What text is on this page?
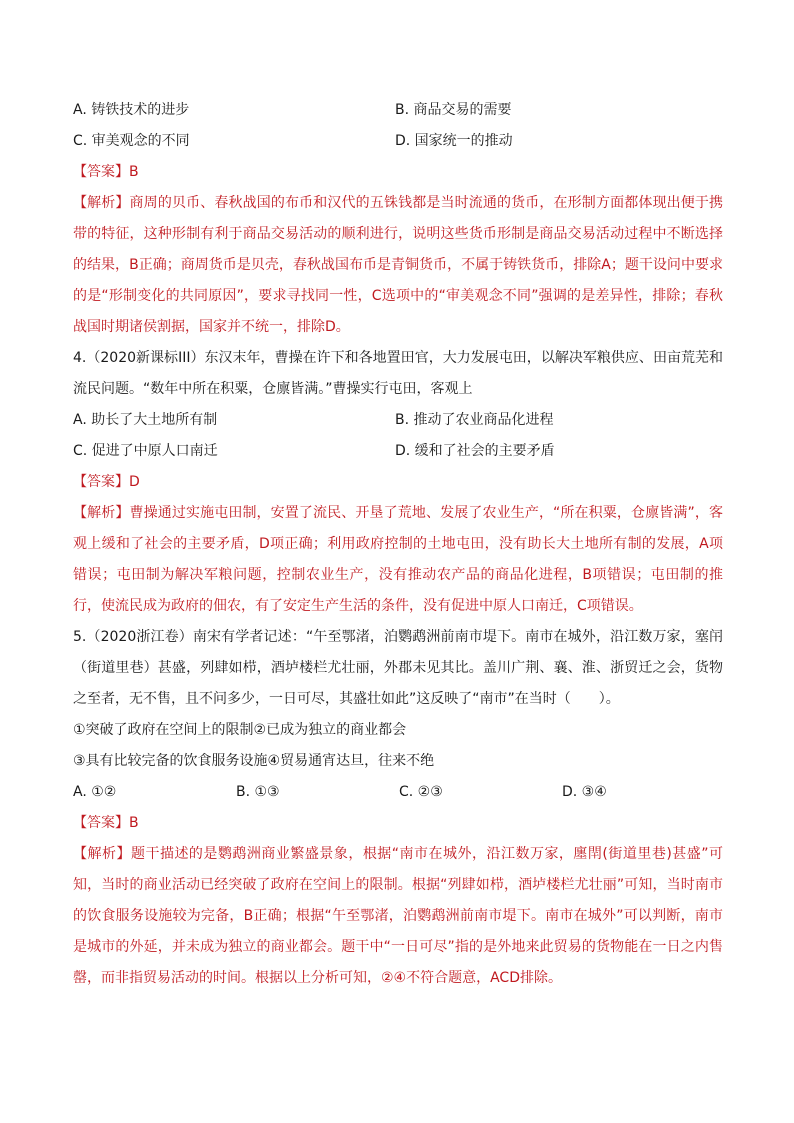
A. 铸铁技术的进步	B. 商品交易的需要
C. 审美观念的不同	D. 国家统一的推动

【答案】B

【解析】商周的贝币、春秋战国的布币和汉代的五铢钱都是当时流通的货币，在形制方面都体现出便于携带的特征，这种形制有利于商品交易活动的顺利进行，说明这些货币形制是商品交易活动过程中不断选择的结果，B正确；商周货币是贝壳，春秋战国布币是青铜货币，不属于铸铁货币，排除A；题干设问中要求的是“形制变化的共同原因”，要求寻找同一性，C选项中的“审美观念不同”强调的是差异性，排除；春秋战国时期诸侯割据，国家并不统一，排除D。

4.（2020新课标III）东汉末年，曹操在许下和各地置田官，大力发展屯田，以解决军粮供应、田亩荒芜和流民问题。“数年中所在积粟，仓廪皆满。”曹操实行屯田，客观上

A. 助长了大土地所有制	B. 推动了农业商品化进程
C. 促进了中原人口南迁	D. 缓和了社会的主要矛盾

【答案】D

【解析】曹操通过实施屯田制，安置了流民、开垦了荒地、发展了农业生产，“所在积粟，仓廪皆满”，客观上缓和了社会的主要矛盾，D项正确；利用政府控制的土地屯田，没有助长大土地所有制的发展，A项错误；屯田制为解决军粮问题，控制农业生产，没有推动农产品的商品化进程，B项错误；屯田制的推行，使流民成为政府的佃农，有了安定生产生活的条件，没有促进中原人口南迁，C项错误。

5.（2020浙江卷）南宋有学者记述：“午至鄂渚，泊鹦鹉洲前南市堤下。南市在城外，沿江数万家，塞闬（街道里巷）甚盛，列肆如栉，酒垆楼栏尤壮丽，外郡未见其比。盖川广荆、襄、淮、浙贸迁之会，货物之至者，无不售，且不问多少，一日可尽，其盛壮如此”这反映了“南市”在当时（　　）。

①突破了政府在空间上的限制②已成为独立的商业都会

③具有比较完备的饮食服务设施④贸易通宵达旦，往来不绝

A. ①②	B. ①③	C. ②③	D. ③④

【答案】B

【解析】题干描述的是鹦鹉洲商业繁盛景象，根据“南市在城外，沿江数万家，廛閈(街道里巷)甚盛”可知，当时的商业活动已经突破了政府在空间上的限制。根据“列肆如栉，酒垆楼栏尤壮丽”可知，当时南市的饮食服务设施较为完备，B正确；根据“午至鄂渚，泊鹦鹉洲前南市堤下。南市在城外”可以判断，南市是城市的外延，并未成为独立的商业都会。题干中“一日可尽”指的是外地来此贸易的货物能在一日之内售罄，而非指贸易活动的时间。根据以上分析可知，②④不符合题意，ACD排除。
